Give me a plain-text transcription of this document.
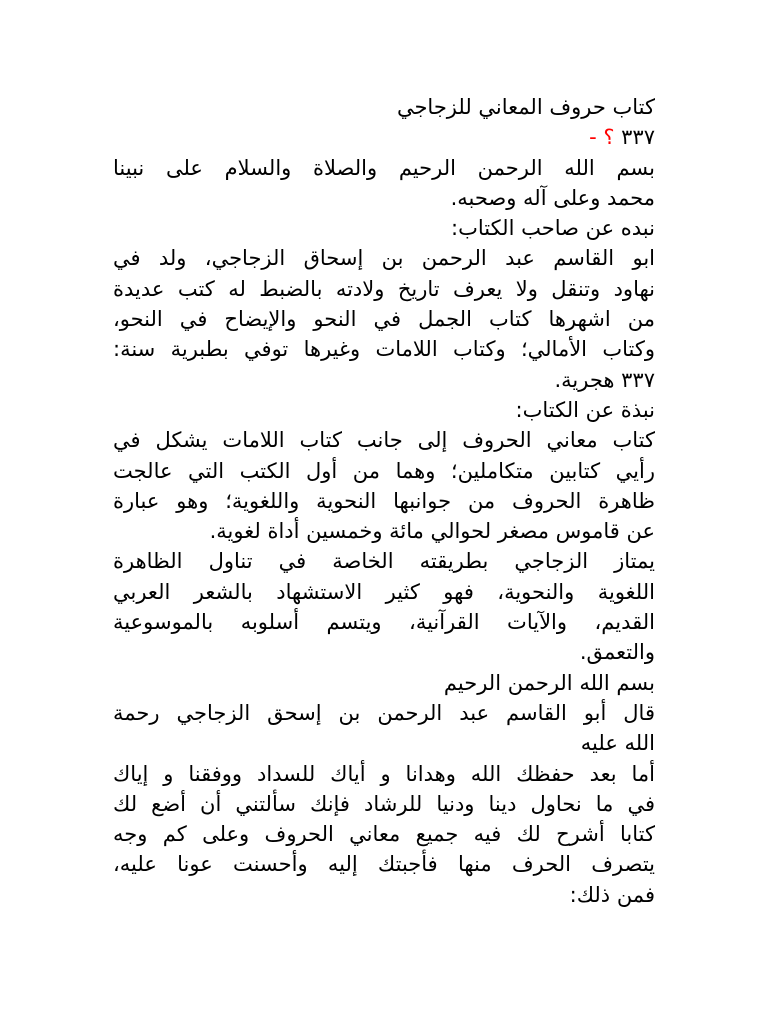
كتاب حروف المعاني للزجاجي
٣٣٧ ؟ -
بسم الله الرحمن الرحيم والصلاة والسلام على نبينا
محمد وعلى آله وصحبه.
نبده عن صاحب الكتاب:
ابو القاسم عبد الرحمن بن إسحاق الزجاجي، ولد في
نهاود وتنقل ولا يعرف تاريخ ولادته بالضبط له كتب عديدة
من اشهرها كتاب الجمل في النحو والإيضاح في النحو،
وكتاب الأمالي؛ وكتاب اللامات وغيرها توفي بطبرية سنة:
٣٣٧ هجرية.
نبذة عن الكتاب:
كتاب معاني الحروف إلى جانب كتاب اللامات يشكل في
رأيي كتابين متكاملين؛ وهما من أول الكتب التي عالجت
ظاهرة الحروف من جوانبها النحوية واللغوية؛ وهو عبارة
عن قاموس مصغر لحوالي مائة وخمسين أداة لغوية.
يمتاز الزجاجي بطريقته الخاصة في تناول الظاهرة
اللغوية والنحوية، فهو كثير الاستشهاد بالشعر العربي
القديم، والآيات القرآنية، ويتسم أسلوبه بالموسوعية
والتعمق.
بسم الله الرحمن الرحيم
قال أبو القاسم عبد الرحمن بن إسحق الزجاجي رحمة
الله عليه
أما بعد حفظك الله وهدانا و أياك للسداد ووفقنا و إياك
في ما نحاول دينا ودنيا للرشاد فإنك سألتني أن أضع لك
كتابا أشرح لك فيه جميع معاني الحروف وعلى كم وجه
يتصرف الحرف منها فأجبتك إليه وأحسنت عونا عليه،
فمن ذلك:
